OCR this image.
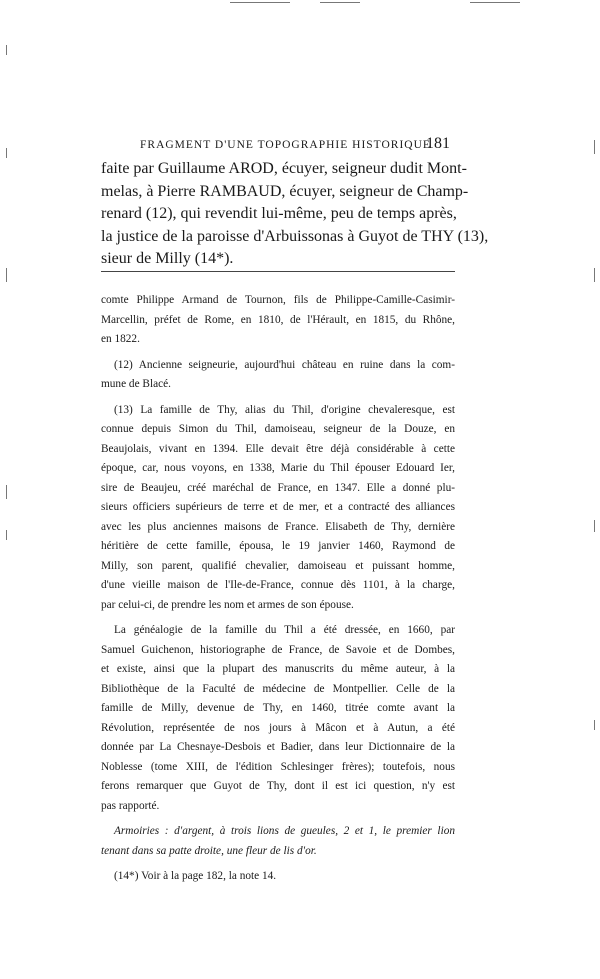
FRAGMENT D'UNE TOPOGRAPHIE HISTORIQUE
181
faite par Guillaume AROD, écuyer, seigneur dudit Mont-
melas, à Pierre RAMBAUD, écuyer, seigneur de Champ-
renard (12), qui revendit lui-même, peu de temps après,
la justice de la paroisse d'Arbuissonas à Guyot de THY (13),
sieur de Milly (14*).
comte Philippe Armand de Tournon, fils de Philippe-Camille-Casimir-
Marcellin, préfet de Rome, en 1810, de l'Hérault, en 1815, du Rhône,
en 1822.
(12) Ancienne seigneurie, aujourd'hui château en ruine dans la com-
mune de Blacé.
(13) La famille de Thy, alias du Thil, d'origine chevaleresque, est
connue depuis Simon du Thil, damoiseau, seigneur de la Douze, en
Beaujolais, vivant en 1394. Elle devait être déjà considérable à cette
époque, car, nous voyons, en 1338, Marie du Thil épouser Edouard Ier,
sire de Beaujeu, créé maréchal de France, en 1347. Elle a donné plu-
sieurs officiers supérieurs de terre et de mer, et a contracté des alliances
avec les plus anciennes maisons de France. Elisabeth de Thy, dernière
héritière de cette famille, épousa, le 19 janvier 1460, Raymond de
Milly, son parent, qualifié chevalier, damoiseau et puissant homme,
d'une vieille maison de l'Ile-de-France, connue dès 1101, à la charge,
par celui-ci, de prendre les nom et armes de son épouse.
La généalogie de la famille du Thil a été dressée, en 1660, par
Samuel Guichenon, historiographe de France, de Savoie et de Dombes,
et existe, ainsi que la plupart des manuscrits du même auteur, à la
Bibliothèque de la Faculté de médecine de Montpellier. Celle de la
famille de Milly, devenue de Thy, en 1460, titrée comte avant la
Révolution, représentée de nos jours à Mâcon et à Autun, a été
donnée par La Chesnaye-Desbois et Badier, dans leur Dictionnaire de la
Noblesse (tome XIII, de l'édition Schlesinger frères); toutefois, nous
ferons remarquer que Guyot de Thy, dont il est ici question, n'y est
pas rapporté.
Armoiries : d'argent, à trois lions de gueules, 2 et 1, le premier lion
tenant dans sa patte droite, une fleur de lis d'or.
(14*) Voir à la page 182, la note 14.
